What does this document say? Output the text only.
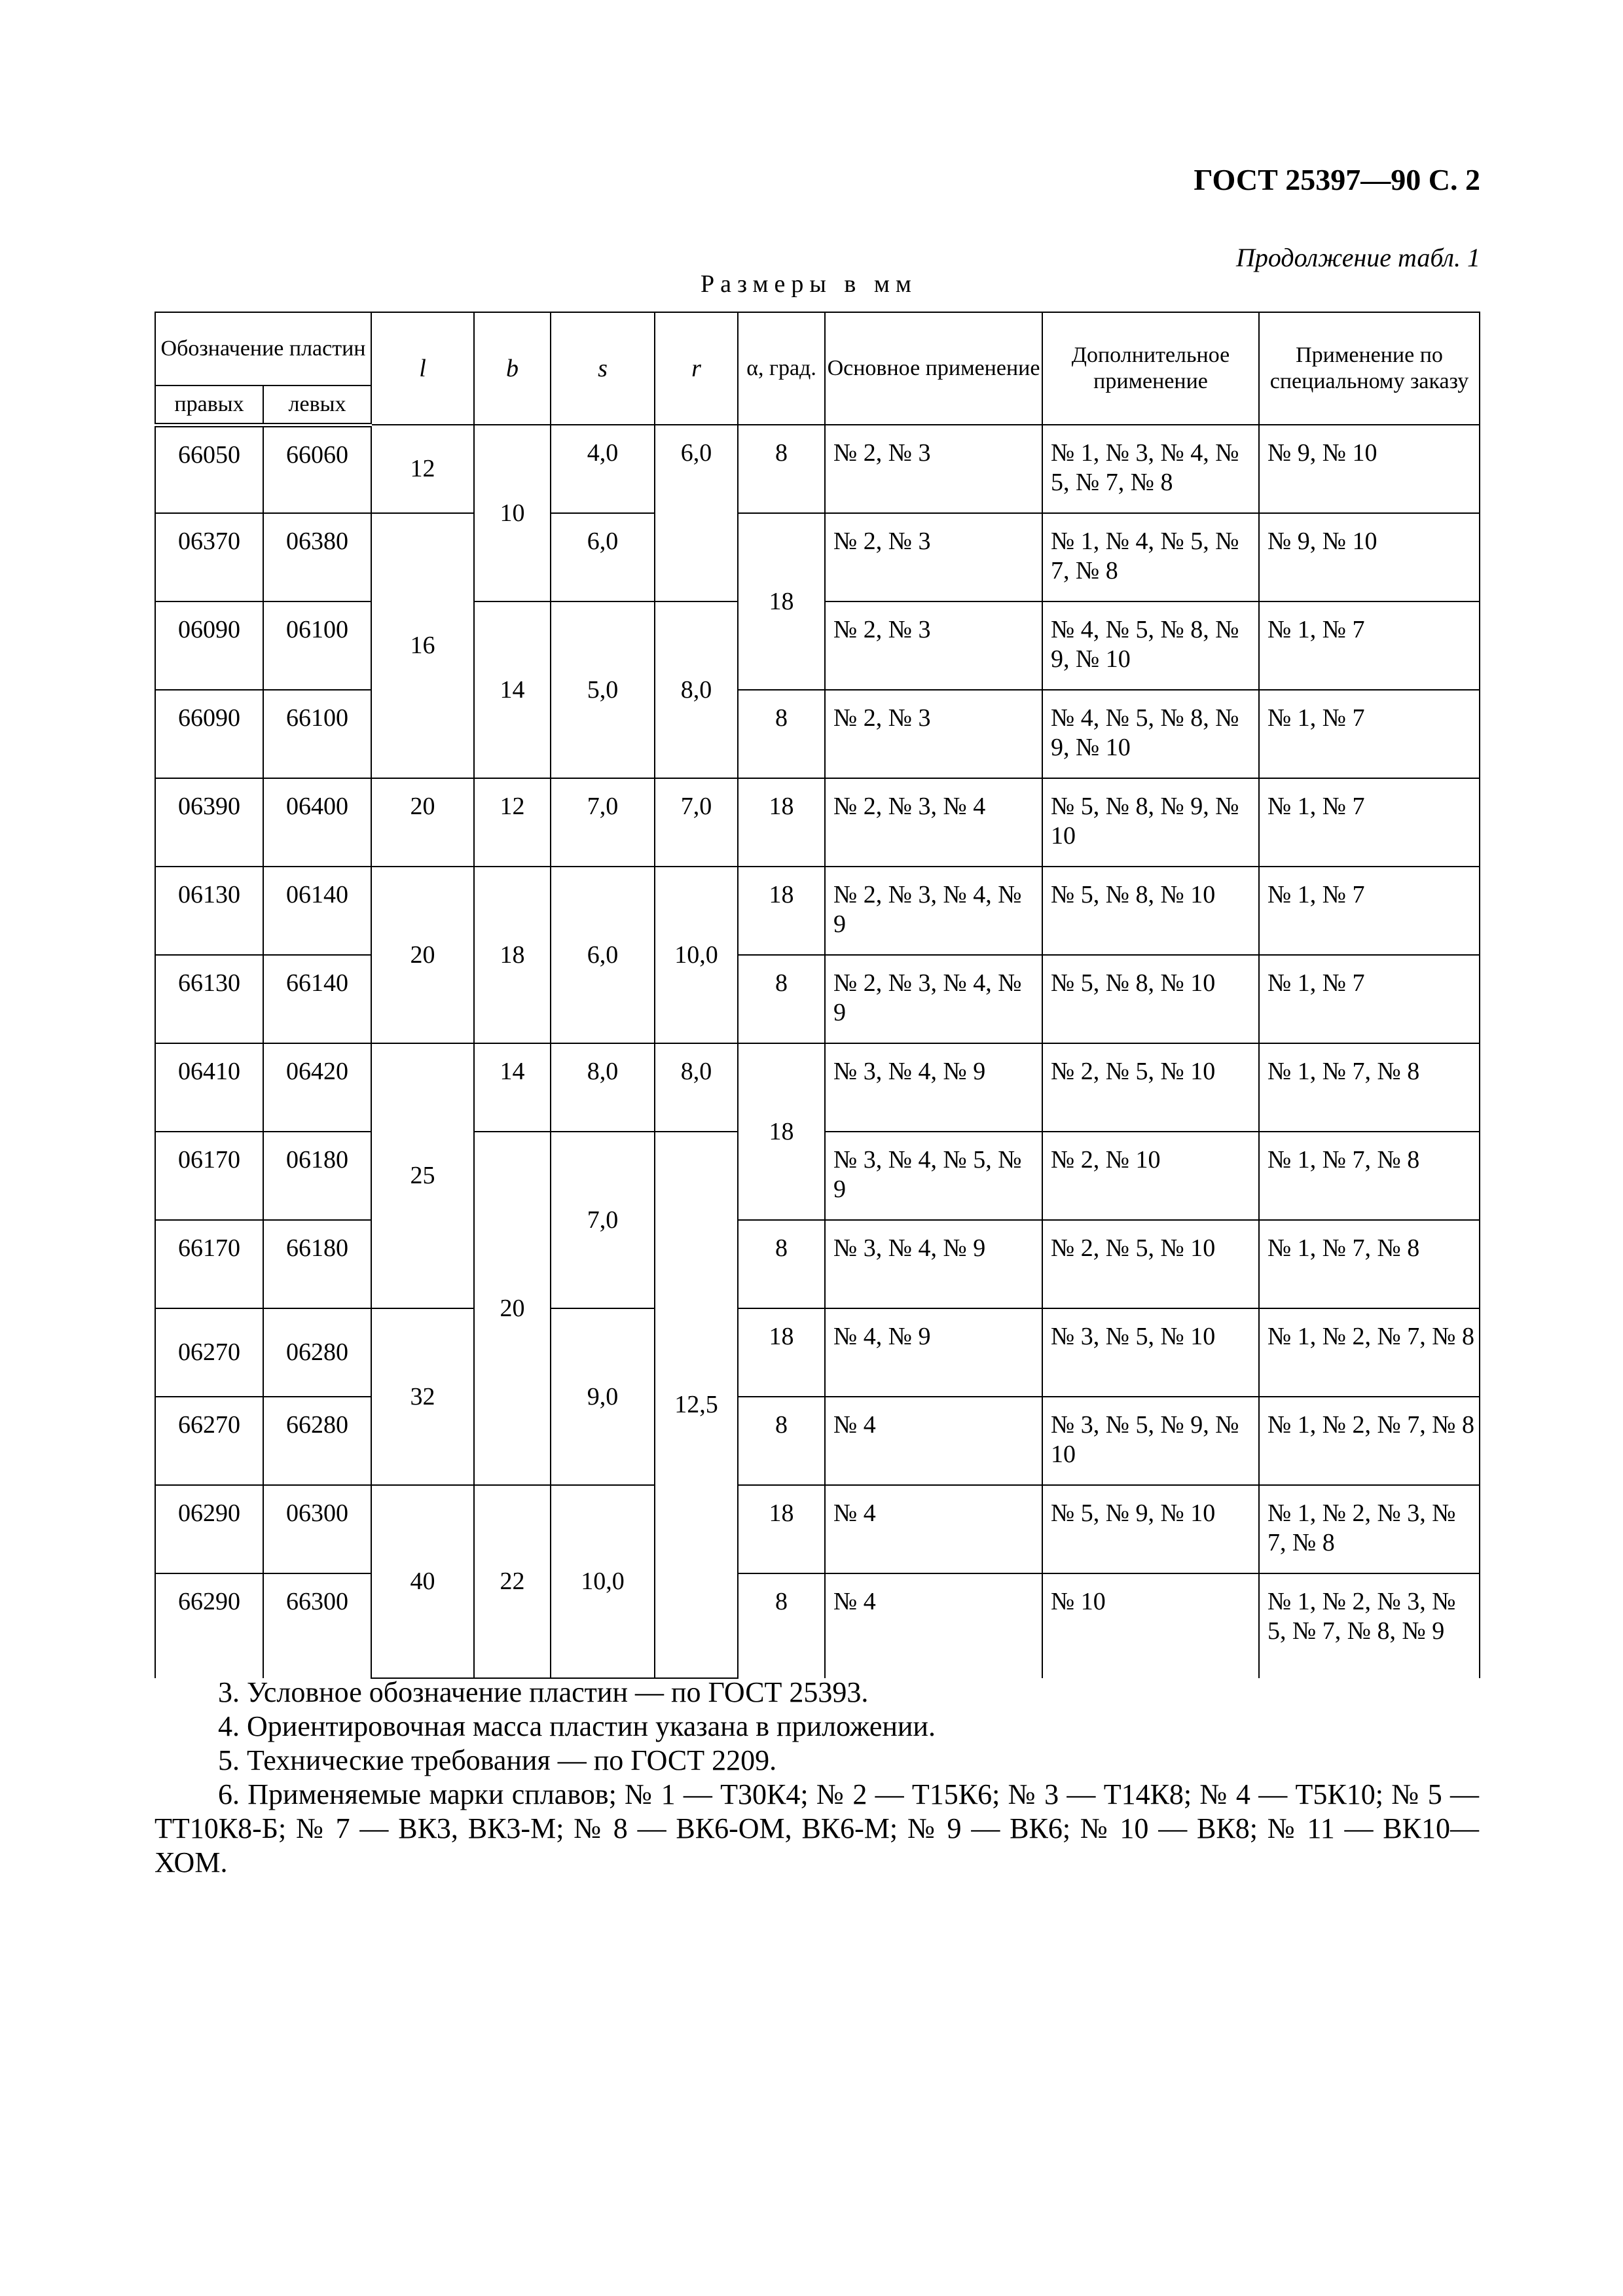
ГОСТ 25397—90 С. 2
Продолжение табл. 1
Размеры в мм
Обозначение пластин		l	b	s	r	α, град.	Основное применение	Дополнительное применение	Применение по специальному заказу
правых	левых								
66050	66060	12	10	4,0	6,0	8	№ 2, № 3	№ 1, № 3, № 4, № 5, № 7, № 8	№ 9, № 10
06370	06380	16		6,0		18	№ 2, № 3	№ 1, № 4, № 5, № 7, № 8	№ 9, № 10
06090	06100		14	5,0	8,0		№ 2, № 3	№ 4, № 5, № 8, № 9, № 10	№ 1, № 7
66090	66100					8	№ 2, № 3	№ 4, № 5, № 8, № 9, № 10	№ 1, № 7
06390	06400	20	12	7,0	7,0	18	№ 2, № 3, № 4	№ 5, № 8, № 9, № 10	№ 1, № 7
06130	06140	20	18	6,0	10,0	18	№ 2, № 3, № 4, № 9	№ 5, № 8, № 10	№ 1, № 7
66130	66140					8	№ 2, № 3, № 4, № 9	№ 5, № 8, № 10	№ 1, № 7
06410	06420	25	14	8,0	8,0	18	№ 3, № 4, № 9	№ 2, № 5, № 10	№ 1, № 7, № 8
06170	06180		20	7,0	12,5		№ 3, № 4, № 5, № 9	№ 2, № 10	№ 1, № 7, № 8
66170	66180					8	№ 3, № 4, № 9	№ 2, № 5, № 10	№ 1, № 7, № 8
06270	06280	32		9,0		18	№ 4, № 9	№ 3, № 5, № 10	№ 1, № 2, № 7, № 8
66270	66280					8	№ 4	№ 3, № 5, № 9, № 10	№ 1, № 2, № 7, № 8
06290	06300	40	22	10,0		18	№ 4	№ 5, № 9, № 10	№ 1, № 2, № 3, № 7, № 8
66290	66300					8	№ 4	№ 10	№ 1, № 2, № 3, № 5, № 7, № 8, № 9

3. Условное обозначение пластин — по ГОСТ 25393.

4. Ориентировочная масса пластин указана в приложении.

5. Технические требования — по ГОСТ 2209.

6. Применяемые марки сплавов; № 1 — Т30К4; № 2 — Т15К6; № 3 — Т14К8; № 4 — Т5К10; № 5 — ТТ10К8-Б; № 7 — ВК3, ВК3-М; № 8 — ВК6-ОМ, ВК6-М; № 9 — ВК6; № 10 — ВК8; № 11 — ВК10—ХОМ.
